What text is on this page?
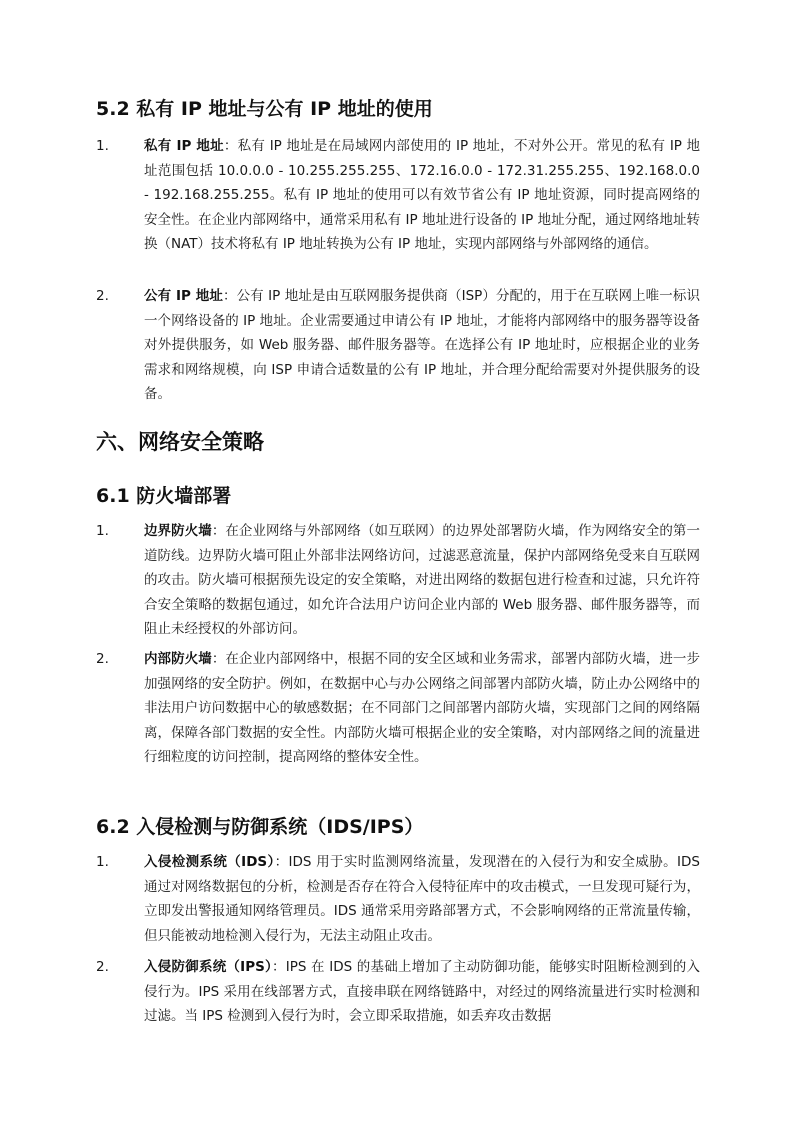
5.2 私有 IP 地址与公有 IP 地址的使用
1.	私有 IP 地址：私有 IP 地址是在局域网内部使用的 IP 地址，不对外公开。常见的私有 IP 地址范围包括 10.0.0.0 - 10.255.255.255、172.16.0.0 - 172.31.255.255、192.168.0.0 - 192.168.255.255。私有 IP 地址的使用可以有效节省公有 IP 地址资源，同时提高网络的安全性。在企业内部网络中，通常采用私有 IP 地址进行设备的 IP 地址分配，通过网络地址转换（NAT）技术将私有 IP 地址转换为公有 IP 地址，实现内部网络与外部网络的通信。

2.	公有 IP 地址：公有 IP 地址是由互联网服务提供商（ISP）分配的，用于在互联网上唯一标识一个网络设备的 IP 地址。企业需要通过申请公有 IP 地址，才能将内部网络中的服务器等设备对外提供服务，如 Web 服务器、邮件服务器等。在选择公有 IP 地址时，应根据企业的业务需求和网络规模，向 ISP 申请合适数量的公有 IP 地址，并合理分配给需要对外提供服务的设备。

六、网络安全策略
6.1 防火墙部署
1.	边界防火墙：在企业网络与外部网络（如互联网）的边界处部署防火墙，作为网络安全的第一道防线。边界防火墙可阻止外部非法网络访问，过滤恶意流量，保护内部网络免受来自互联网的攻击。防火墙可根据预先设定的安全策略，对进出网络的数据包进行检查和过滤，只允许符合安全策略的数据包通过，如允许合法用户访问企业内部的 Web 服务器、邮件服务器等，而阻止未经授权的外部访问。

2.	内部防火墙：在企业内部网络中，根据不同的安全区域和业务需求，部署内部防火墙，进一步加强网络的安全防护。例如，在数据中心与办公网络之间部署内部防火墙，防止办公网络中的非法用户访问数据中心的敏感数据；在不同部门之间部署内部防火墙，实现部门之间的网络隔离，保障各部门数据的安全性。内部防火墙可根据企业的安全策略，对内部网络之间的流量进行细粒度的访问控制，提高网络的整体安全性。

6.2 入侵检测与防御系统（IDS/IPS）
1.	入侵检测系统（IDS）：IDS 用于实时监测网络流量，发现潜在的入侵行为和安全威胁。IDS 通过对网络数据包的分析，检测是否存在符合入侵特征库中的攻击模式，一旦发现可疑行为，立即发出警报通知网络管理员。IDS 通常采用旁路部署方式，不会影响网络的正常流量传输，但只能被动地检测入侵行为，无法主动阻止攻击。

2.	入侵防御系统（IPS）：IPS 在 IDS 的基础上增加了主动防御功能，能够实时阻断检测到的入侵行为。IPS 采用在线部署方式，直接串联在网络链路中，对经过的网络流量进行实时检测和过滤。当 IPS 检测到入侵行为时，会立即采取措施，如丢弃攻击数据
